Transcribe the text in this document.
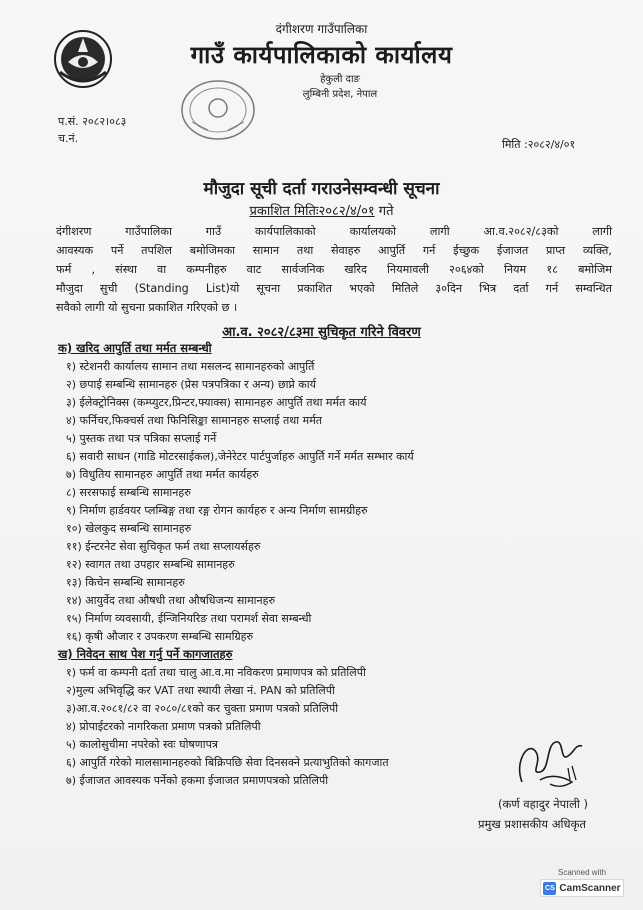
दंगीशरण गाउँपालिका
गाउँ कार्यपालिकाको कार्यालय
हेकुली दाङ
लुम्बिनी प्रदेश, नेपाल
प.सं. २०८२।०८३
च.नं.	मिति :२०८२/४/०१
मौजुदा सूची दर्ता गराउनेसम्वन्धी सूचना
प्रकाशित मितिः२०८२/४/०१ गते
दंगीशरण गाउँपालिका गाउँ कार्यपालिकाको कार्यालयको लागी आ.व.२०८२/८३को लागी
आवस्यक पर्ने तपशिल बमोजिमका सामान तथा सेवाहरु आपुर्ति गर्न ईच्छुक ईजाजत प्राप्त व्यक्ति,
फर्म , संस्था वा कम्पनीहरु वाट सार्वजनिक खरिद नियमावली २०६४को नियम १८ बमोजिम
मौजुदा सुची (Standing List)यो सूचना प्रकाशित भएको मितिले ३०दिन भित्र दर्ता गर्न सम्वन्धित
सवैको लागी यो सुचना प्रकाशित गरिएको छ ।
आ.व. २०८२/८३मा सुचिकृत गरिने विवरण
क) खरिद आपुर्ति तथा मर्मत सम्बन्धी
१) स्टेशनरी कार्यालय सामान तथा मसलन्द सामानहरुको आपुर्ति
२) छपाई सम्बन्धि सामानहरु (प्रेस पत्रपत्रिका र अन्य) छाप्ने कार्य
३) ईलेक्ट्रोनिक्स (कम्प्युटर,प्रिन्टर,फ्याक्स) सामानहरु आपुर्ति तथा मर्मत कार्य
४) फर्निचर,फिक्चर्स तथा फिनिसिङ्का सामानहरु सप्लाई तथा मर्मत
५) पुस्तक तथा पत्र पत्रिका सप्लाई गर्ने
६) सवारी साधन (गाडि मोटरसाईकल),जेनेरेटर पार्टपुर्जाहरु आपुर्ति गर्ने मर्मत सम्भार कार्य
७) विधुतिय सामानहरु आपुर्ति तथा मर्मत कार्यहरु
८) सरसफाई सम्बन्धि सामानहरु
९) निर्माण हार्डवयर प्लम्बिङ्ग तथा रङ्ग रोगन कार्यहरु र अन्य निर्माण सामग्रीहरु
१०) खेलकुद सम्बन्धि सामानहरु
११) ईन्टरनेट सेवा सुचिकृत फर्म तथा सप्लायर्सहरु
१२) स्वागत तथा उपहार सम्बन्धि सामानहरु
१३) किचेन सम्बन्धि सामानहरु
१४) आयुर्वेद तथा औषधी तथा औषधिजन्य सामानहरु
१५) निर्माण व्यवसायी, ईन्जिनियरिङ तथा परामर्श सेवा सम्बन्धी
१६) कृषी औजार र उपकरण सम्बन्धि सामग्रिहरु
ख) निवेदन साथ पेश गर्नु पर्ने कागजातहरु
१) फर्म वा कम्पनी दर्ता तथा चालु आ.व.मा नविकरण प्रमाणपत्र को प्रतिलिपी
२)मुल्य अभिवृद्धि कर VAT तथा स्थायी लेखा नं. PAN को प्रतिलिपी
३)आ.व.२०८१/८२ वा २०८०/८१को कर चुक्ता प्रमाण पत्रको प्रतिलिपी
४) प्रोपाईटरको नागरिकता प्रमाण पत्रको प्रतिलिपी
५) कालोसुचीमा नपरेको स्वः घोषणापत्र
६) आपुर्ति गरेको मालसामानहरुको बिक्रिपछि सेवा दिनसक्ने प्रत्याभुतिको कागजात
७) ईजाजत आवस्यक पर्नेको हकमा ईजाजत प्रमाणपत्रको प्रतिलिपी
(कर्ण वहादुर नेपाली )
प्रमुख प्रशासकीय अधिकृत
Scanned with
CS CamScanner
